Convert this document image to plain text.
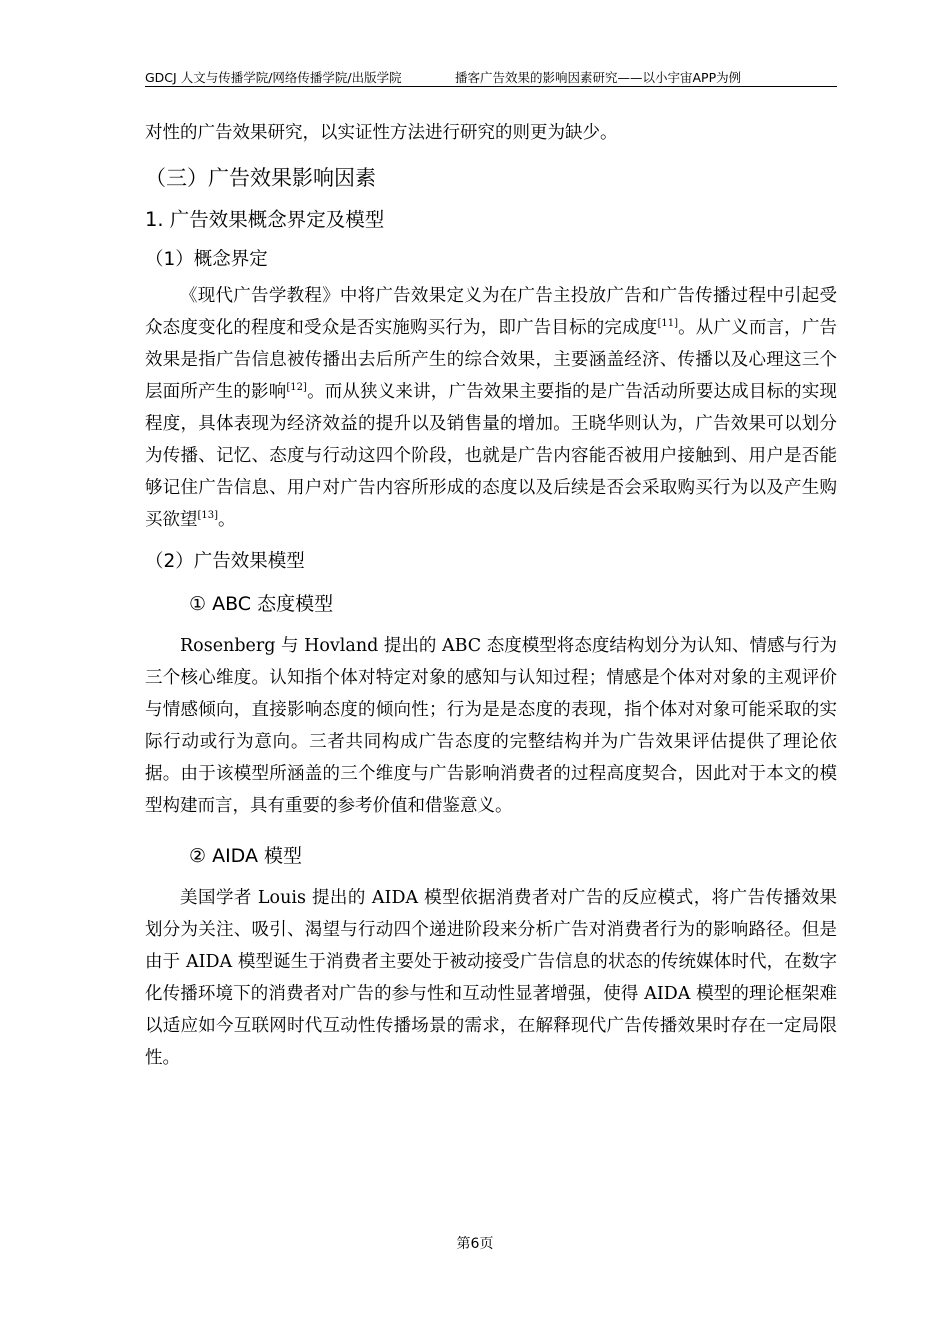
GDCJ 人文与传播学院/网络传播学院/出版学院	播客广告效果的影响因素研究——以小宇宙APP为例

对性的广告效果研究，以实证性方法进行研究的则更为缺少。

（三）广告效果影响因素
1. 广告效果概念界定及模型
（1）概念界定

《现代广告学教程》中将广告效果定义为在广告主投放广告和广告传播过程中引起受众态度变化的程度和受众是否实施购买行为，即广告目标的完成度[11]。从广义而言，广告效果是指广告信息被传播出去后所产生的综合效果，主要涵盖经济、传播以及心理这三个层面所产生的影响[12]。而从狭义来讲，广告效果主要指的是广告活动所要达成目标的实现程度，具体表现为经济效益的提升以及销售量的增加。王晓华则认为，广告效果可以划分为传播、记忆、态度与行动这四个阶段，也就是广告内容能否被用户接触到、用户是否能够记住广告信息、用户对广告内容所形成的态度以及后续是否会采取购买行为以及产生购买欲望[13]。

（2）广告效果模型
① ABC 态度模型

Rosenberg 与 Hovland 提出的 ABC 态度模型将态度结构划分为认知、情感与行为三个核心维度。认知指个体对特定对象的感知与认知过程；情感是个体对对象的主观评价与情感倾向，直接影响态度的倾向性；行为是是态度的表现，指个体对对象可能采取的实际行动或行为意向。三者共同构成广告态度的完整结构并为广告效果评估提供了理论依据。由于该模型所涵盖的三个维度与广告影响消费者的过程高度契合，因此对于本文的模型构建而言，具有重要的参考价值和借鉴意义。

② AIDA 模型

美国学者 Louis 提出的 AIDA 模型依据消费者对广告的反应模式，将广告传播效果划分为关注、吸引、渴望与行动四个递进阶段来分析广告对消费者行为的影响路径。但是由于 AIDA 模型诞生于消费者主要处于被动接受广告信息的状态的传统媒体时代，在数字化传播环境下的消费者对广告的参与性和互动性显著增强，使得 AIDA 模型的理论框架难以适应如今互联网时代互动性传播场景的需求，在解释现代广告传播效果时存在一定局限性。

第6页
